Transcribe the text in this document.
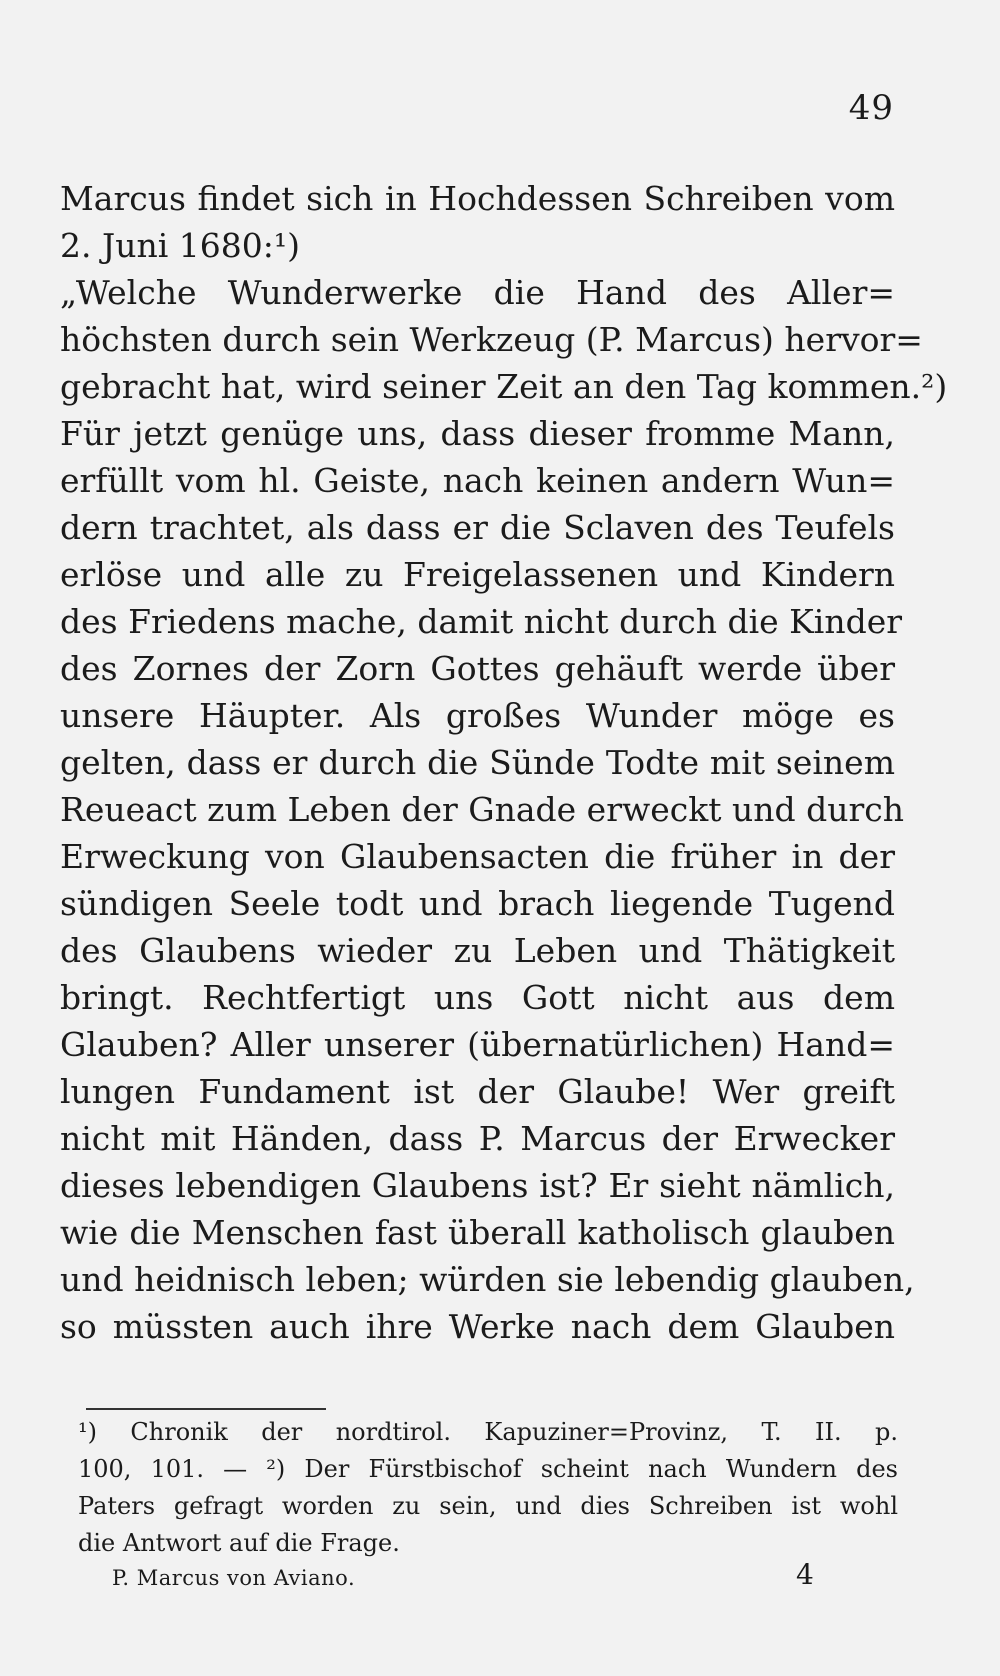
49
Marcus findet sich in Hochdessen Schreiben vom
2. Juni 1680:¹)
„Welche Wunderwerke die Hand des Aller=
höchsten durch sein Werkzeug (P. Marcus) hervor=
gebracht hat, wird seiner Zeit an den Tag kommen.²)
Für jetzt genüge uns, dass dieser fromme Mann,
erfüllt vom hl. Geiste, nach keinen andern Wun=
dern trachtet, als dass er die Sclaven des Teufels
erlöse und alle zu Freigelassenen und Kindern
des Friedens mache, damit nicht durch die Kinder
des Zornes der Zorn Gottes gehäuft werde über
unsere Häupter. Als großes Wunder möge es
gelten, dass er durch die Sünde Todte mit seinem
Reueact zum Leben der Gnade erweckt und durch
Erweckung von Glaubensacten die früher in der
sündigen Seele todt und brach liegende Tugend
des Glaubens wieder zu Leben und Thätigkeit
bringt. Rechtfertigt uns Gott nicht aus dem
Glauben? Aller unserer (übernatürlichen) Hand=
lungen Fundament ist der Glaube! Wer greift
nicht mit Händen, dass P. Marcus der Erwecker
dieses lebendigen Glaubens ist? Er sieht nämlich,
wie die Menschen fast überall katholisch glauben
und heidnisch leben; würden sie lebendig glauben,
so müssten auch ihre Werke nach dem Glauben
¹) Chronik der nordtirol. Kapuziner=Provinz, T. II. p.
100, 101. — ²) Der Fürstbischof scheint nach Wundern des
Paters gefragt worden zu sein, und dies Schreiben ist wohl
die Antwort auf die Frage.
P. Marcus von Aviano.	4
